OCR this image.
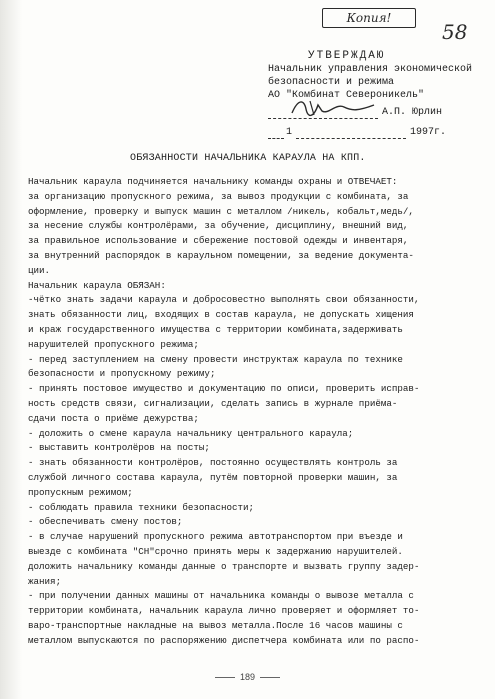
Копия!
58
УТВЕРЖДАЮ
Начальник управления экономической
безопасности и режима
АО "Комбинат Североникель"
А.П. Юрлин
1
	1997г.
ОБЯЗАННОСТИ НАЧАЛЬНИКА КАРАУЛА НА КПП.
Начальник караула подчиняется начальнику команды охраны и ОТВЕЧАЕТ:
за организацию пропускного режима, за вывоз продукции с комбината, за
оформление, проверку и выпуск машин с металлом /никель, кобальт,медь/,
за несение службы контролёрами, за обучение, дисциплину, внешний вид,
за правильное использование и сбережение постовой одежды и инвентаря,
за внутренний распорядок в караульном помещении, за ведение документа-
ции.
Начальник караула ОБЯЗАН:
-чётко знать задачи караула и добросовестно выполнять свои обязанности,
знать обязанности лиц, входящих в состав караула, не допускать хищения
и краж государственного имущества с территории комбината,задерживать
нарушителей пропускного режима;
- перед заступлением на смену провести инструктаж караула по технике
безопасности и пропускному режиму;
- принять постовое имущество и документацию по описи, проверить исправ-
ность средств связи, сигнализации, сделать запись в журнале приёма-
сдачи поста о приёме дежурства;
- доложить о смене караула начальнику центрального караула;
- выставить контролёров на посты;
- знать обязанности контролёров, постоянно осуществлять контроль за
службой личного состава караула, путём повторной проверки машин, за
пропускным режимом;
- соблюдать правила техники безопасности;
- обеспечивать смену постов;
- в случае нарушений пропускного режима автотранспортом при въезде и
выезде с комбината "СН"срочно принять меры к задержанию нарушителей.
доложить начальнику команды данные о транспорте и вызвать группу задер-
жания;
- при получении данных машины от начальника команды о вывозе металла с
территории комбината, начальник караула лично проверяет и оформляет то-
варо-транспортные накладные на вывоз металла.После 16 часов машины с
металлом выпускаются по распоряжению диспетчера комбината или по распо-
189
